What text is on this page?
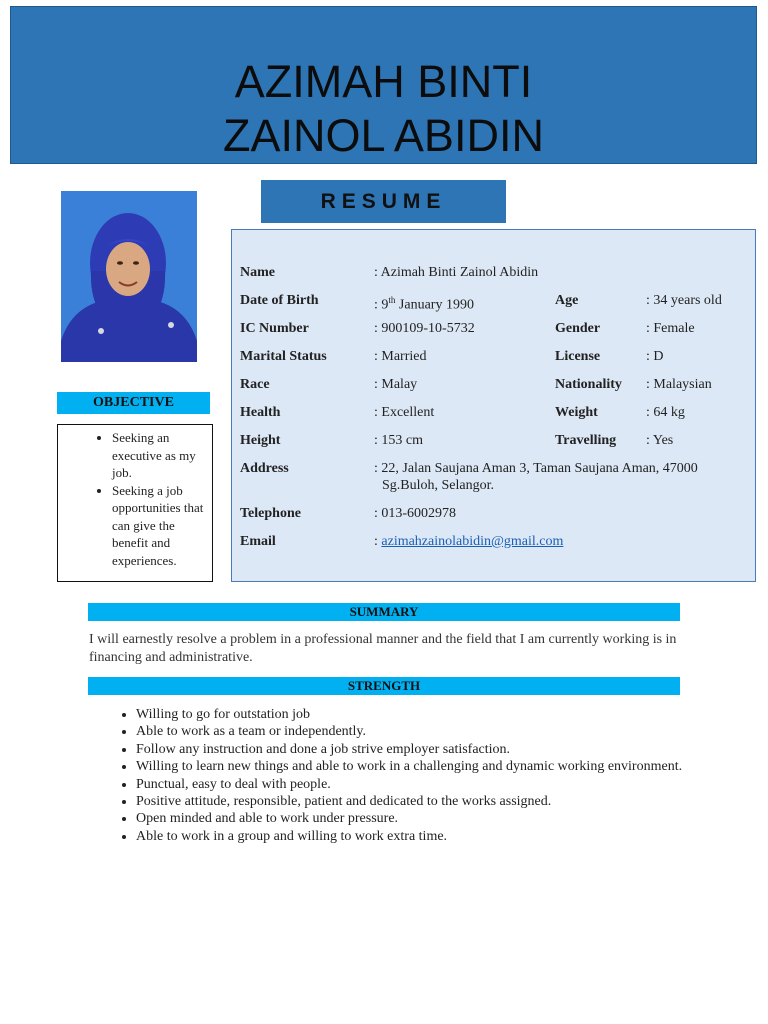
AZIMAH BINTI
ZAINOL ABIDIN
RESUME
Name	: Azimah Binti Zainol Abidin
Date of Birth	: 9th January 1990	Age	: 34 years old
IC Number	: 900109-10-5732	Gender	: Female
Marital Status	: Married	License	: D
Race	: Malay	Nationality : Malaysian
Health	: Excellent	Weight	: 64 kg
Height	: 153 cm	Travelling : Yes
Address	: 22, Jalan Saujana Aman 3, Taman Saujana Aman, 47000
Sg.Buloh, Selangor.
Telephone	: 013-6002978
Email	: azimahzainolabidin@gmail.com
OBJECTIVE
• Seeking an executive as my job.
• Seeking a job opportunities that can give the benefit and experiences.
SUMMARY
I will earnestly resolve a problem in a professional manner and the field that I am currently working is in financing and administrative.
STRENGTH
• Willing to go for outstation job
• Able to work as a team or independently.
• Follow any instruction and done a job strive employer satisfaction.
• Willing to learn new things and able to work in a challenging and dynamic working environment.
• Punctual, easy to deal with people.
• Positive attitude, responsible, patient and dedicated to the works assigned.
• Open minded and able to work under pressure.
• Able to work in a group and willing to work extra time.
